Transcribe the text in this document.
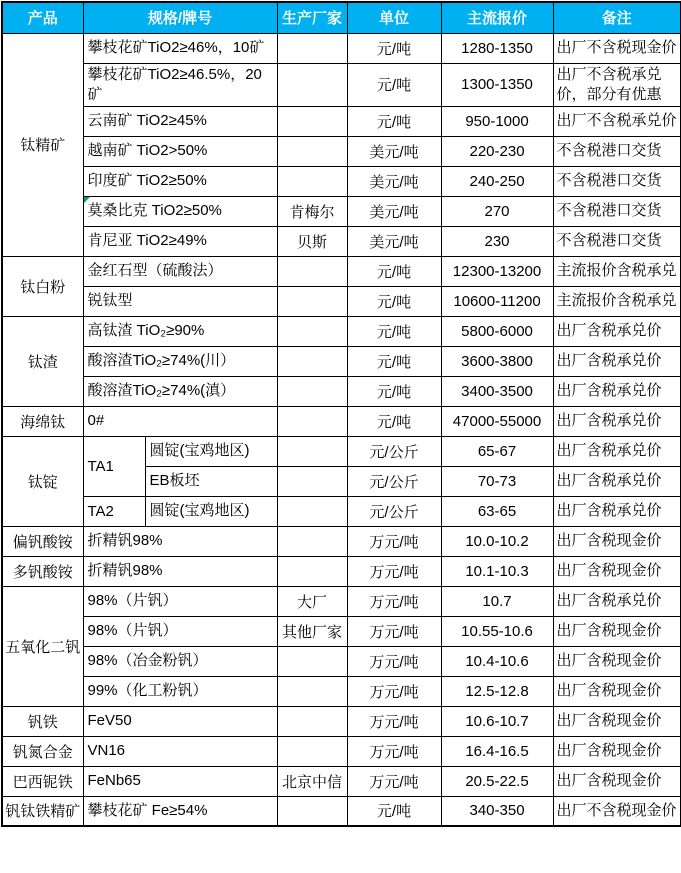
产品	规格/牌号		生产厂家	单位	主流报价	备注
钛精矿	攀枝花矿TiO2≥46%，10矿			元/吨	1280-1350	出厂不含税现金价
	攀枝花矿TiO2≥46.5%，20矿			元/吨	1300-1350	出厂不含税承兑价，部分有优惠
	云南矿 TiO2≥45%			元/吨	950-1000	出厂不含税承兑价
	越南矿 TiO2>50%			美元/吨	220-230	不含税港口交货
	印度矿 TiO2≥50%			美元/吨	240-250	不含税港口交货
	莫桑比克 TiO2≥50%		肯梅尔	美元/吨	270	不含税港口交货
	肯尼亚 TiO2≥49%		贝斯	美元/吨	230	不含税港口交货
钛白粉	金红石型（硫酸法）			元/吨	12300-13200	主流报价含税承兑
	锐钛型			元/吨	10600-11200	主流报价含税承兑
钛渣	高钛渣 TiO₂≥90%			元/吨	5800-6000	出厂含税承兑价
	酸溶渣TiO₂≥74%(川）			元/吨	3600-3800	出厂含税承兑价
	酸溶渣TiO₂≥74%(滇）			元/吨	3400-3500	出厂含税承兑价
海绵钛	0#			元/吨	47000-55000	出厂含税承兑价
钛锭	TA1	圆锭(宝鸡地区)		元/公斤	65-67	出厂含税承兑价
		EB板坯		元/公斤	70-73	出厂含税承兑价
	TA2	圆锭(宝鸡地区)		元/公斤	63-65	出厂含税承兑价
偏钒酸铵	折精钒98%			万元/吨	10.0-10.2	出厂含税现金价
多钒酸铵	折精钒98%			万元/吨	10.1-10.3	出厂含税现金价
五氧化二钒	98%（片钒）		大厂	万元/吨	10.7	出厂含税承兑价
	98%（片钒）		其他厂家	万元/吨	10.55-10.6	出厂含税现金价
	98%（冶金粉钒）			万元/吨	10.4-10.6	出厂含税现金价
	99%（化工粉钒）			万元/吨	12.5-12.8	出厂含税现金价
钒铁	FeV50			万元/吨	10.6-10.7	出厂含税现金价
钒氮合金	VN16			万元/吨	16.4-16.5	出厂含税现金价
巴西铌铁	FeNb65		北京中信	万元/吨	20.5-22.5	出厂含税现金价
钒钛铁精矿	攀枝花矿 Fe≥54%			元/吨	340-350	出厂不含税现金价
